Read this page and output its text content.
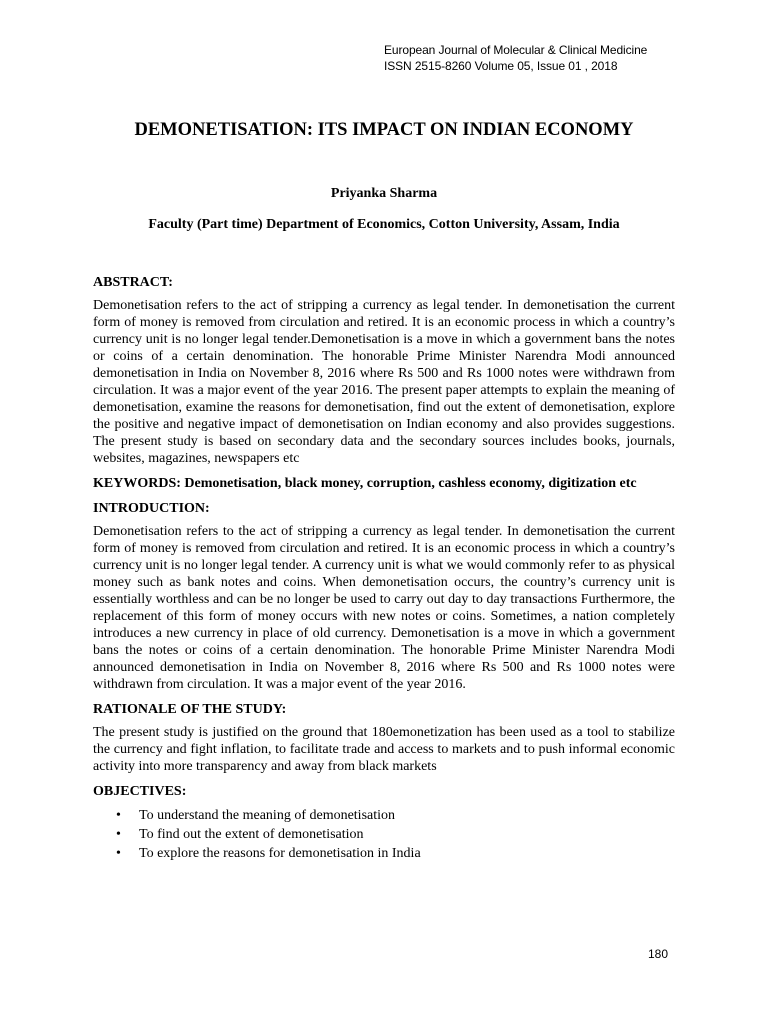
European Journal of Molecular & Clinical Medicine
ISSN 2515-8260 Volume 05, Issue 01 , 2018
DEMONETISATION: ITS IMPACT ON INDIAN ECONOMY
Priyanka Sharma
Faculty (Part time) Department of Economics, Cotton University, Assam, India
ABSTRACT:
Demonetisation refers to the act of stripping a currency as legal tender. In demonetisation the current form of money is removed from circulation and retired. It is an economic process in which a country’s currency unit is no longer legal tender.Demonetisation is a move in which a government bans the notes or coins of a certain denomination. The honorable Prime Minister Narendra Modi announced demonetisation in India on November 8, 2016 where Rs 500 and Rs 1000 notes were withdrawn from circulation. It was a major event of the year 2016. The present paper attempts to explain the meaning of demonetisation, examine the reasons for demonetisation, find out the extent of demonetisation, explore the positive and negative impact of demonetisation on Indian economy and also provides suggestions. The present study is based on secondary data and the secondary sources includes books, journals, websites, magazines, newspapers etc
KEYWORDS: Demonetisation, black money, corruption, cashless economy, digitization etc
INTRODUCTION:
Demonetisation refers to the act of stripping a currency as legal tender. In demonetisation the current form of money is removed from circulation and retired. It is an economic process in which a country’s currency unit is no longer legal tender. A currency unit is what we would commonly refer to as physical money such as bank notes and coins. When demonetisation occurs, the country’s currency unit is essentially worthless and can be no longer be used to carry out day to day transactions Furthermore, the replacement of this form of money occurs with new notes or coins. Sometimes, a nation completely introduces a new currency in place of old currency. Demonetisation is a move in which a government bans the notes or coins of a certain denomination. The honorable Prime Minister Narendra Modi announced demonetisation in India on November 8, 2016 where Rs 500 and Rs 1000 notes were withdrawn from circulation. It was a major event of the year 2016.
RATIONALE OF THE STUDY:
The present study is justified on the ground that 180emonetization has been used as a tool to stabilize the currency and fight inflation, to facilitate trade and access to markets and to push informal economic activity into more transparency and away from black markets
OBJECTIVES:
• To understand the meaning of demonetisation
• To find out the extent of demonetisation
• To explore the reasons for demonetisation in India
180
